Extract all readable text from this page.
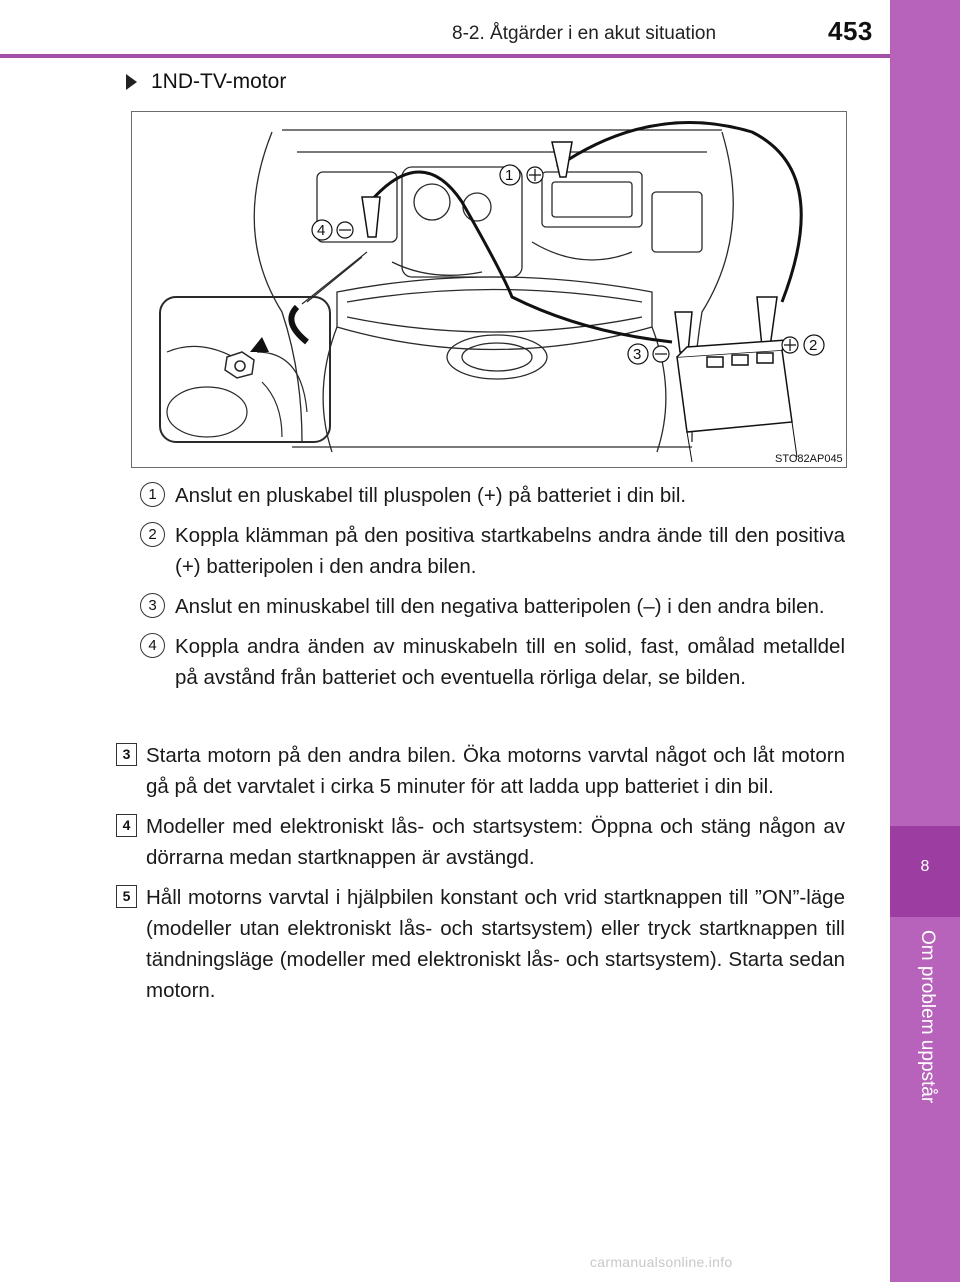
8-2. Åtgärder i en akut situation	453
8
Om problem uppstår
1ND-TV-motor
1
4
3
2
STO82AP045
1 Anslut en pluskabel till pluspolen (+) på batteriet i din bil.
2 Koppla klämman på den positiva startkabelns andra ände till den positiva (+) batteripolen i den andra bilen.
3 Anslut en minuskabel till den negativa batteripolen (–) i den andra bilen.
4 Koppla andra änden av minuskabeln till en solid, fast, omålad metalldel på avstånd från batteriet och eventuella rörliga delar, se bilden.
3 Starta motorn på den andra bilen. Öka motorns varvtal något och låt motorn gå på det varvtalet i cirka 5 minuter för att ladda upp batteriet i din bil.
4 Modeller med elektroniskt lås- och startsystem: Öppna och stäng någon av dörrarna medan startknappen är avstängd.
5 Håll motorns varvtal i hjälpbilen konstant och vrid startknappen till ”ON”-läge (modeller utan elektroniskt lås- och startsystem) eller tryck startknappen till tändningsläge (modeller med elektroniskt lås- och startsystem). Starta sedan motorn.
carmanualsonline.info
